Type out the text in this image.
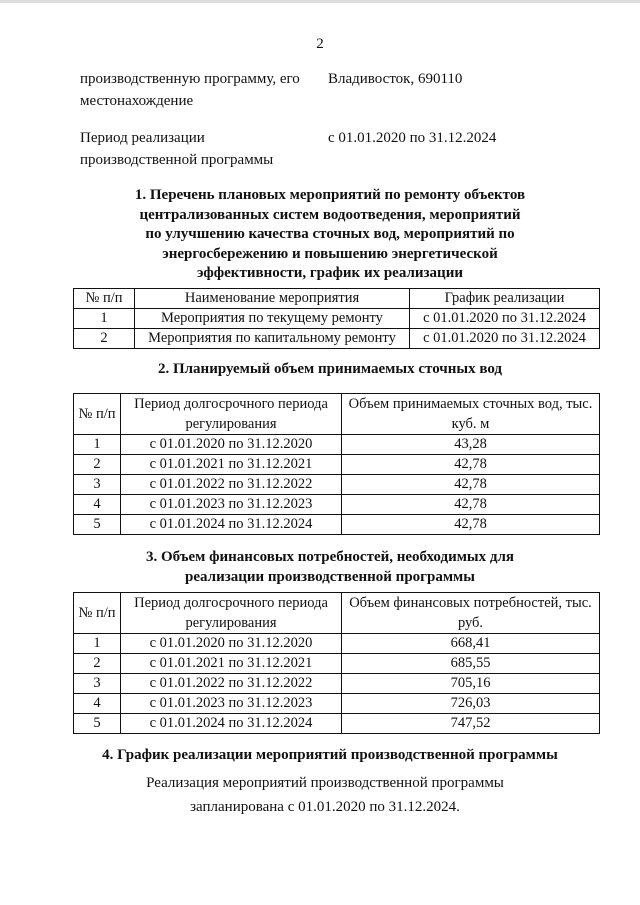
2
производственную программу, его
местонахождение
Владивосток, 690110
Период реализации
производственной программы
с 01.01.2020 по 31.12.2024
1. Перечень плановых мероприятий по ремонту объектов
централизованных систем водоотведения, мероприятий
по улучшению качества сточных вод, мероприятий по
энергосбережению и повышению энергетической
эффективности, график их реализации
№ п/п	Наименование мероприятия	График реализации
1	Мероприятия по текущему ремонту	с 01.01.2020 по 31.12.2024
2	Мероприятия по капитальному ремонту	с 01.01.2020 по 31.12.2024
2. Планируемый объем принимаемых сточных вод
№ п/п	Период долгосрочного периода регулирования	Объем принимаемых сточных вод, тыс. куб. м
1	с 01.01.2020 по 31.12.2020	43,28
2	с 01.01.2021 по 31.12.2021	42,78
3	с 01.01.2022 по 31.12.2022	42,78
4	с 01.01.2023 по 31.12.2023	42,78
5	с 01.01.2024 по 31.12.2024	42,78
3. Объем финансовых потребностей, необходимых для
реализации производственной программы
№ п/п	Период долгосрочного периода регулирования	Объем финансовых потребностей, тыс. руб.
1	с 01.01.2020 по 31.12.2020	668,41
2	с 01.01.2021 по 31.12.2021	685,55
3	с 01.01.2022 по 31.12.2022	705,16
4	с 01.01.2023 по 31.12.2023	726,03
5	с 01.01.2024 по 31.12.2024	747,52
4. График реализации мероприятий производственной программы
Реализация мероприятий производственной программы
запланирована с 01.01.2020 по 31.12.2024.
